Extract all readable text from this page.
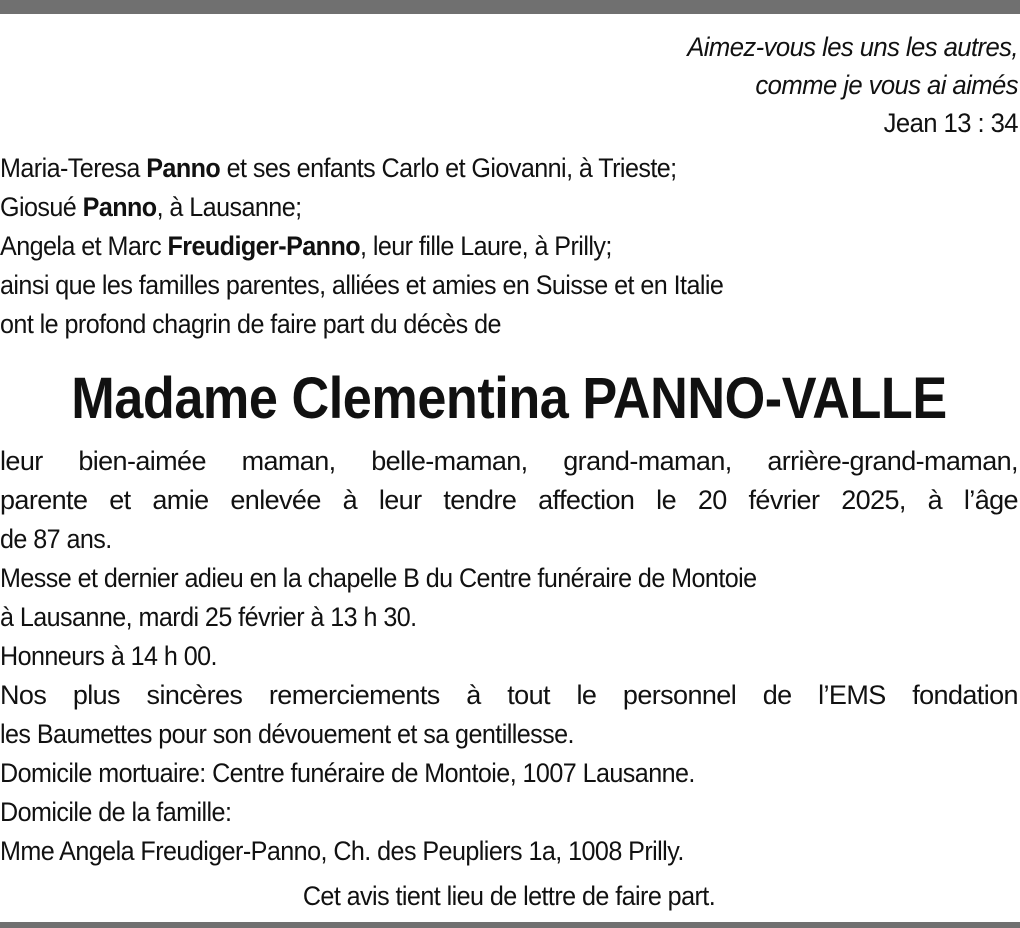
Aimez-vous les uns les autres,
comme je vous ai aimés
Jean 13 : 34
Maria-Teresa Panno et ses enfants Carlo et Giovanni, à Trieste;
Giosué Panno, à Lausanne;
Angela et Marc Freudiger-Panno, leur fille Laure, à Prilly;
ainsi que les familles parentes, alliées et amies en Suisse et en Italie
ont le profond chagrin de faire part du décès de
Madame Clementina PANNO-VALLE
leur bien-aimée maman, belle-maman, grand-maman, arrière-grand-maman,
parente et amie enlevée à leur tendre affection le 20 février 2025, à l’âge
de 87 ans.
Messe et dernier adieu en la chapelle B du Centre funéraire de Montoie
à Lausanne, mardi 25 février à 13 h 30.
Honneurs à 14 h 00.
Nos plus sincères remerciements à tout le personnel de l’EMS fondation
les Baumettes pour son dévouement et sa gentillesse.
Domicile mortuaire: Centre funéraire de Montoie, 1007 Lausanne.
Domicile de la famille:
Mme Angela Freudiger-Panno, Ch. des Peupliers 1a, 1008 Prilly.
Cet avis tient lieu de lettre de faire part.
